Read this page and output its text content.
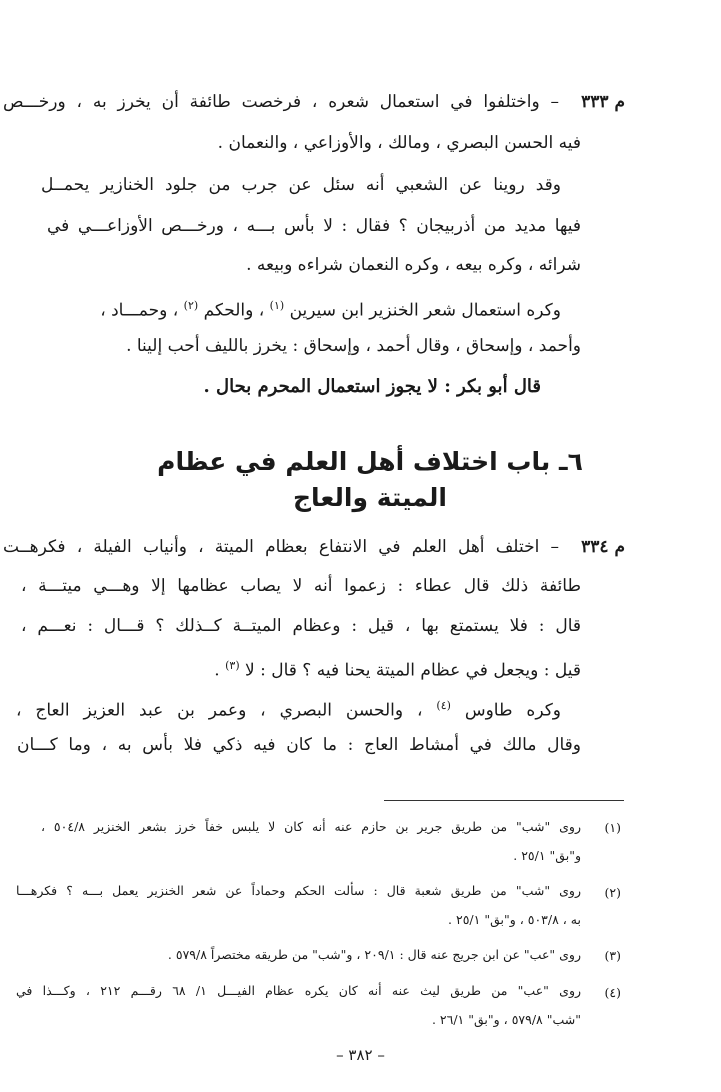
م ٣٣٣
– واختلفوا في استعمال شعره ، فرخصت طائفة أن يخرز به ، ورخـــص
فيه الحسن البصري ، ومالك ، والأوزاعي ، والنعمان .
وقد روينا عن الشعبي أنه سئل عن جرب من جلود الخنازير يحمــل
فيها مديد من أذربيجان ؟ فقال : لا بأس بـــه ، ورخـــص الأوزاعـــي في
شرائه ، وكره بيعه ، وكره النعمان شراءه وبيعه .
وكره استعمال شعر الخنزير ابن سيرين $^{(١)}$ ، والحكم $^{(٢)}$ ، وحمـــاد ،
وأحمد ، وإسحاق ، وقال أحمد ، وإسحاق : يخرز بالليف أحب إلينا .
قال أبو بكر : لا يجوز استعمال المحرم بحال .
٦ـ باب اختلاف أهل العلم في عظام الميتة والعاج
م ٣٣٤
– اختلف أهل العلم في الانتفاع بعظام الميتة ، وأنياب الفيلة ، فكرهــت
طائفة ذلك قال عطاء : زعموا أنه لا يصاب عظامها إلا وهـــي ميتـــة ،
قال : فلا يستمتع بها ، قيل : وعظام الميتــة كــذلك ؟ قـــال : نعـــم ،
قيل : ويجعل في عظام الميتة يحنا فيه ؟ قال : لا $^{(٣)}$ .
وكره طاوس $^{(٤)}$ ، والحسن البصري ، وعمر بن عبد العزيز العاج ،
وقال مالك في أمشاط العاج : ما كان فيه ذكي فلا بأس به ، وما كـــان
(١)
روى "شب" من طريق جرير بن حازم عنه أنه كان لا يلبس خفاً خرز بشعر الخنزير ٥٠٤/٨ ،
و"بق" ٢٥/١ .
(٢)
روى "شب" من طريق شعبة قال : سألت الحكم وحماداً عن شعر الخنزير يعمل بـــه ؟ فكرهـــا
به ، ٥٠٣/٨ ، و"بق" ٢٥/١ .
(٣)
روى "عب" عن ابن جريج عنه قال : ٢٠٩/١ ، و"شب" من طريقه مختصراً ٥٧٩/٨ .
(٤)
روى "عب" من طريق ليث عنه أنه كان يكره عظام الفيـــل ١/ ٦٨ رقـــم ٢١٢ ، وكـــذا في
"شب" ٥٧٩/٨ ، و"بق" ٢٦/١ .
– ٣٨٢ –
